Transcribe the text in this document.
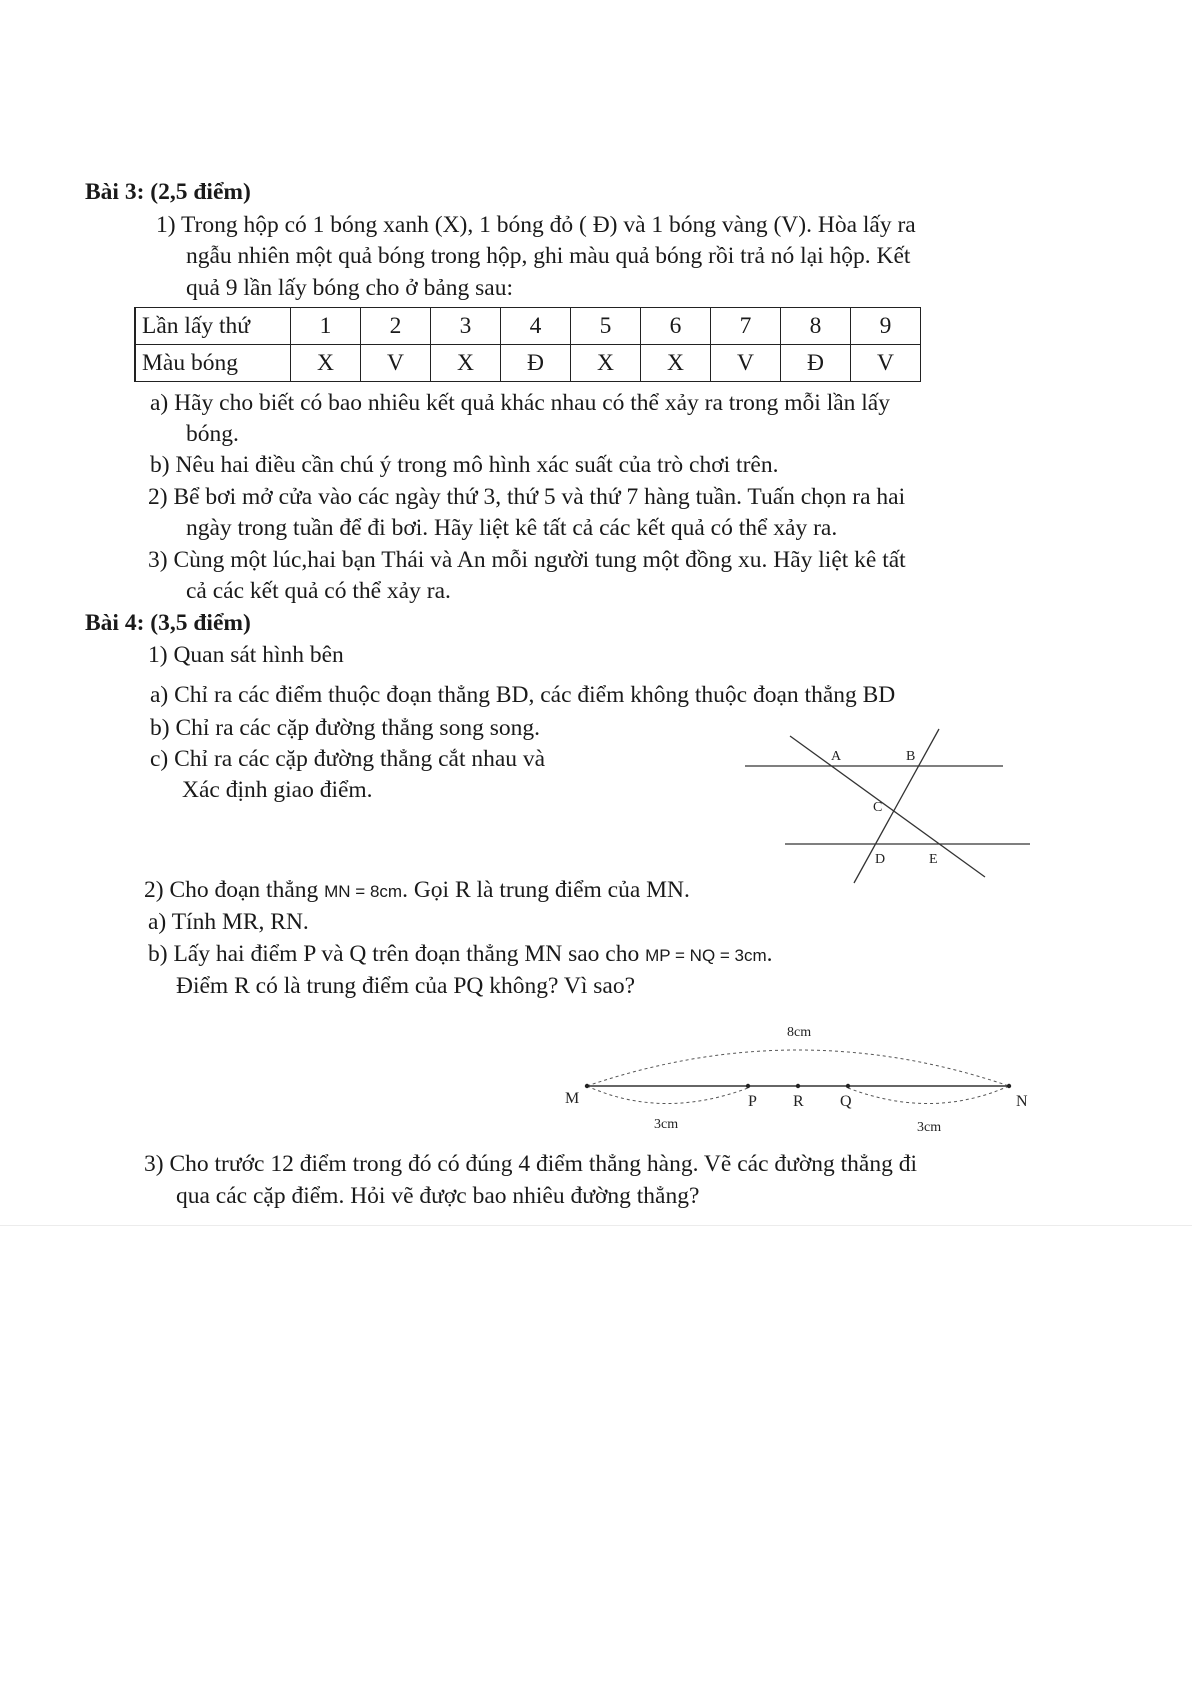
Bài 3: (2,5 điểm)
1) Trong hộp có 1 bóng xanh (X), 1 bóng đỏ ( Đ) và 1 bóng vàng (V). Hòa lấy ra
ngẫu nhiên một quả bóng trong hộp, ghi màu quả bóng rồi trả nó lại hộp. Kết
quả 9 lần lấy bóng cho ở bảng sau:
Lần lấy thứ	1	2	3	4	5	6	7	8	9
Màu bóng	X	V	X	Đ	X	X	V	Đ	V
a) Hãy cho biết có bao nhiêu kết quả khác nhau có thể xảy ra trong mỗi lần lấy
bóng.
b) Nêu hai điều cần chú ý trong mô hình xác suất của trò chơi trên.
2) Bể bơi mở cửa vào các ngày thứ 3, thứ 5 và thứ 7 hàng tuần. Tuấn chọn ra hai
ngày trong tuần để đi bơi. Hãy liệt kê tất cả các kết quả có thể xảy ra.
3) Cùng một lúc,hai bạn Thái và An mỗi người tung một đồng xu. Hãy liệt kê tất
cả các kết quả có thể xảy ra.
Bài 4: (3,5 điểm)
1) Quan sát hình bên
a) Chỉ ra các điểm thuộc đoạn thẳng BD, các điểm không thuộc đoạn thẳng BD
b) Chỉ ra các cặp đường thẳng song song.
c) Chỉ ra các cặp đường thẳng cắt nhau và
Xác định giao điểm.
A	B
C
D	E
2) Cho đoạn thẳng MN = 8cm. Gọi R là trung điểm của MN.
a) Tính MR, RN.
b) Lấy hai điểm P và Q trên đoạn thẳng MN sao cho MP = NQ = 3cm.
Điểm R có là trung điểm của PQ không? Vì sao?
8cm
M	P R Q	N
3cm	3cm
3) Cho trước 12 điểm trong đó có đúng 4 điểm thẳng hàng. Vẽ các đường thẳng đi
qua các cặp điểm. Hỏi vẽ được bao nhiêu đường thẳng?
